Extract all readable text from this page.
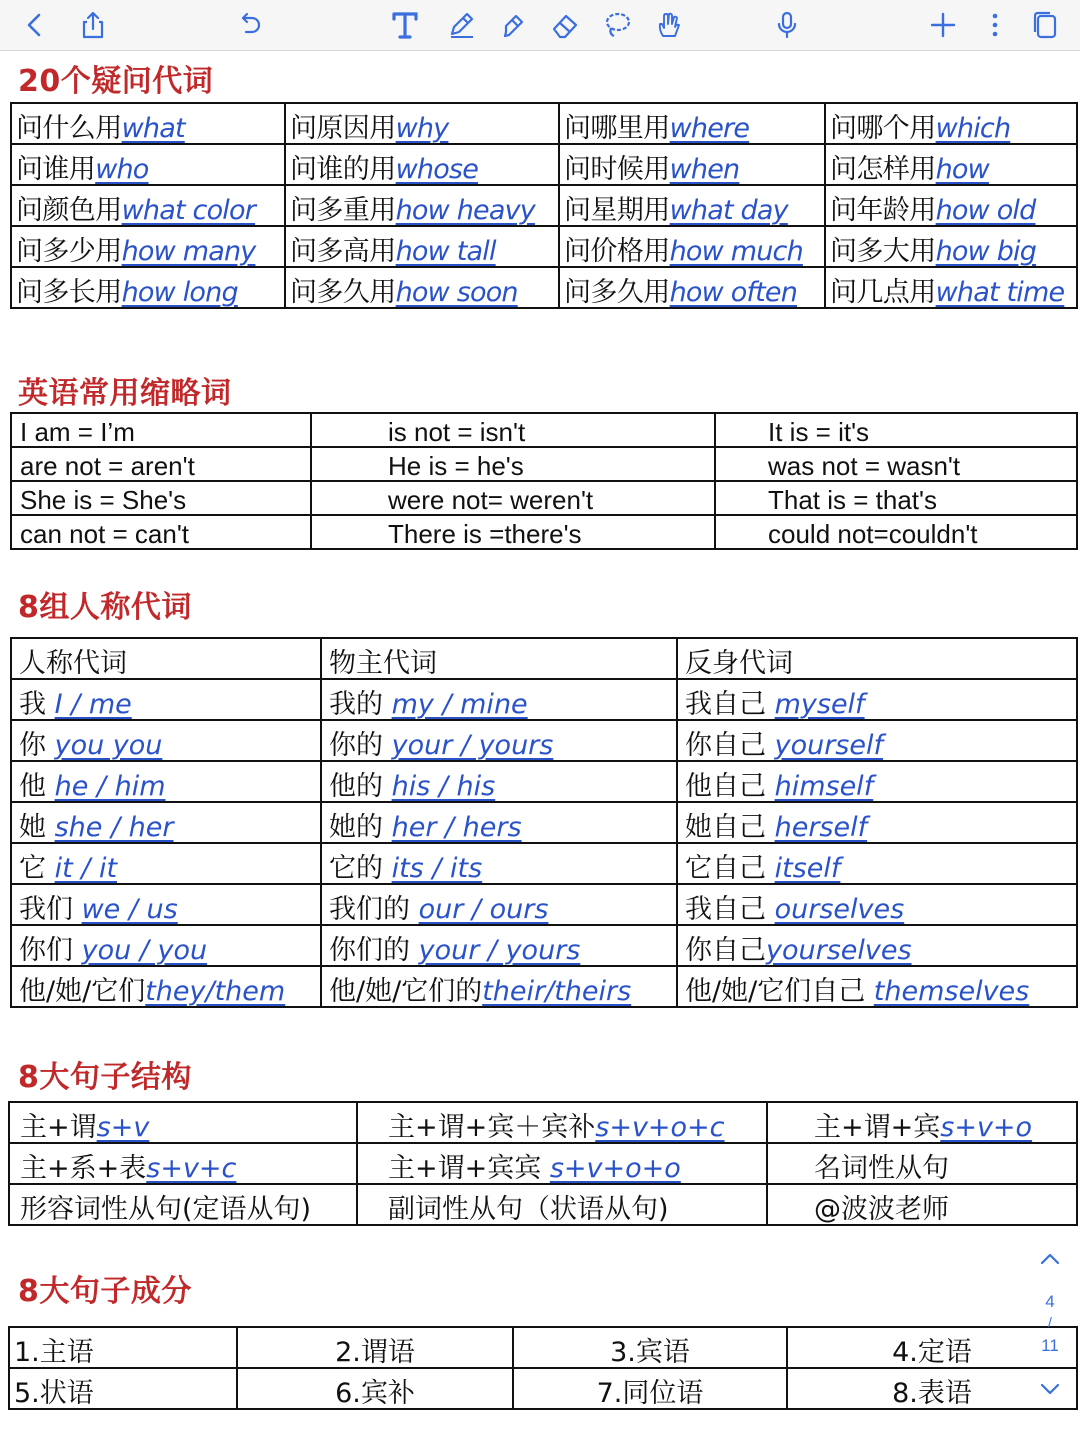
20个疑问代词
问什么用what	问原因用why	问哪里用where	问哪个用which
问谁用who	问谁的用whose	问时候用when	问怎样用how
问颜色用what color	问多重用how heavy	问星期用what day	问年龄用how old
问多少用how many	问多高用how tall	问价格用how much	问多大用how big
问多长用how long	问多久用how soon	问多久用how often	问几点用what time
英语常用缩略词
I am = I’m	is not = isn't	It is = it's
are not = aren't	He is = he's	was not = wasn't
She is = She's	were not= weren't	That is = that's
can not = can't	There is =there's	could not=couldn't
8组人称代词
人称代词	物主代词	反身代词
我 I / me	我的 my / mine	我自己 myself
你 you you	你的 your / yours	你自己 yourself
他 he / him	他的 his / his	他自己 himself
她 she / her	她的 her / hers	她自己 herself
它 it / it	它的 its / its	它自己 itself
我们 we / us	我们的 our / ours	我自己 ourselves
你们 you / you	你们的 your / yours	你自己yourselves
他/她/它们they/them	他/她/它们的their/theirs	他/她/它们自己 themselves
8大句子结构
主+谓s+v	主+谓+宾＋宾补s+v+o+c	主+谓+宾s+v+o
主+系+表s+v+c	主+谓+宾宾 s+v+o+o	名词性从句
形容词性从句(定语从句)	副词性从句（状语从句)	@波波老师
8大句子成分
1.主语	2.谓语	3.宾语	4.定语
5.状语	6.宾补	7.同位语	8.表语
4
/
11
